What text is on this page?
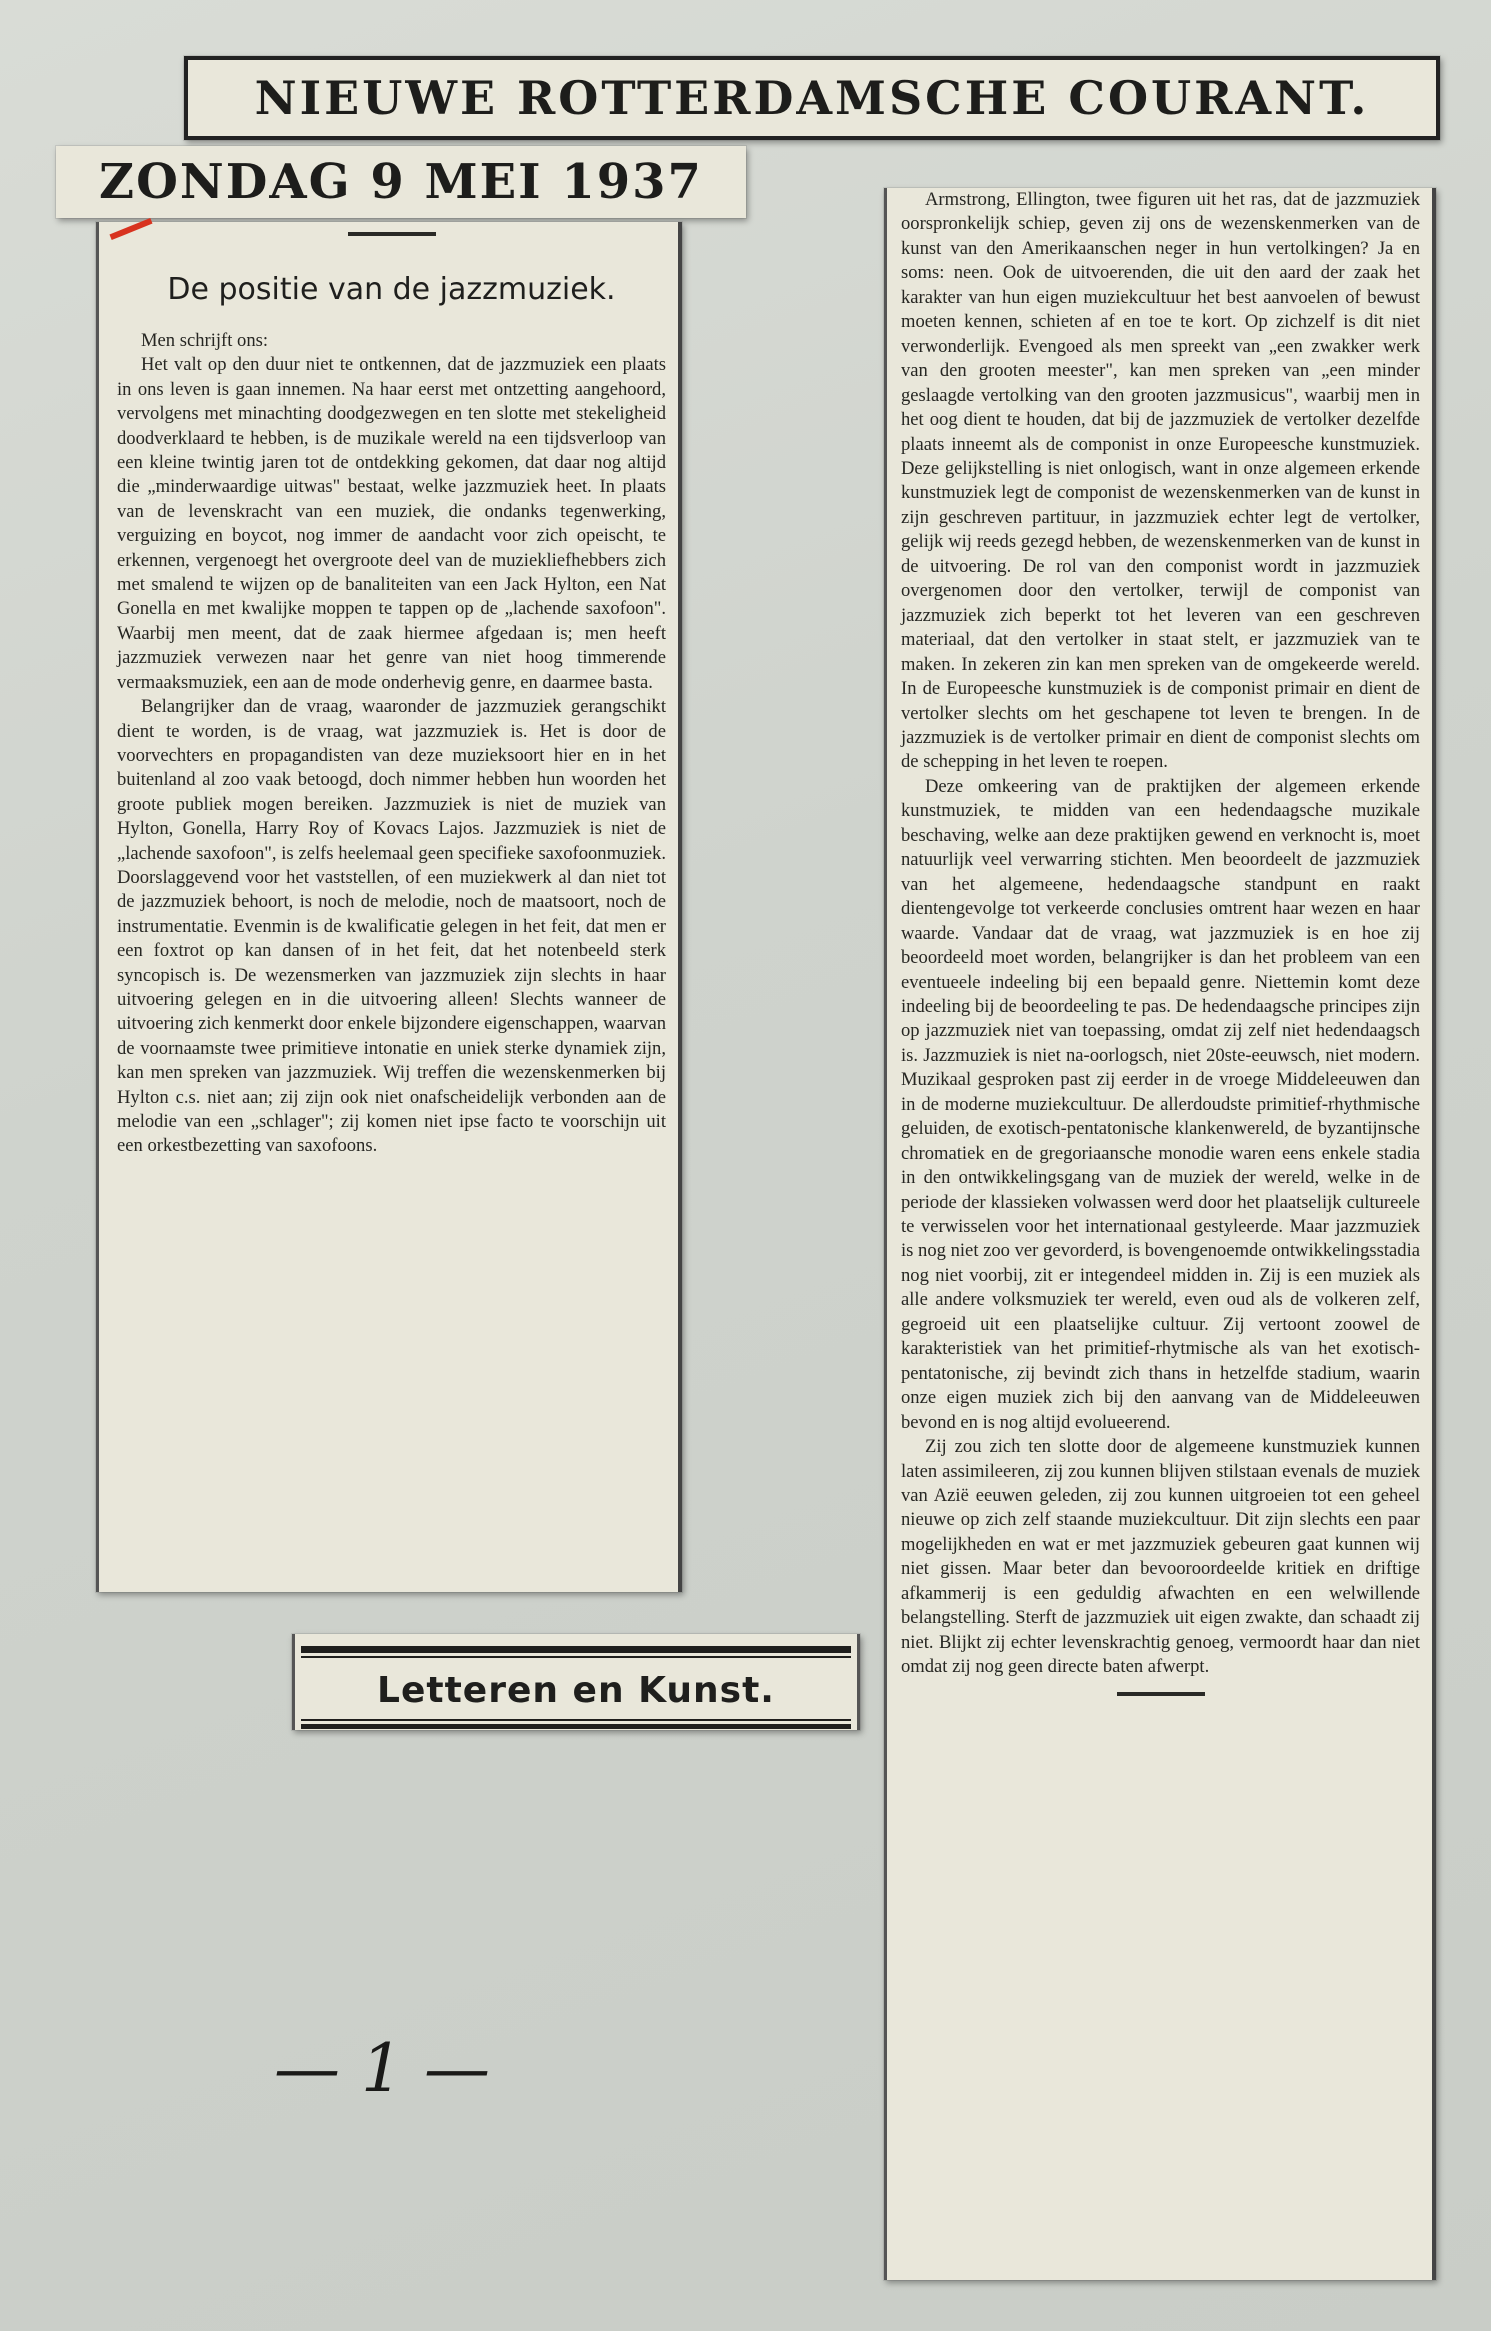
NIEUWE ROTTERDAMSCHE COURANT.
ZONDAG 9 MEI 1937
De positie van de jazzmuziek.

Men schrijft ons:

Het valt op den duur niet te ontkennen, dat de jazzmuziek een plaats in ons leven is gaan innemen. Na haar eerst met ontzetting aangehoord, vervolgens met minachting doodgezwegen en ten slotte met stekeligheid doodverklaard te hebben, is de muzikale wereld na een tijdsverloop van een kleine twintig jaren tot de ontdekking gekomen, dat daar nog altijd die „minderwaardige uitwas" bestaat, welke jazzmuziek heet. In plaats van de levenskracht van een muziek, die ondanks tegenwerking, verguizing en boycot, nog immer de aandacht voor zich opeischt, te erkennen, vergenoegt het overgroote deel van de muziekliefhebbers zich met smalend te wijzen op de banaliteiten van een Jack Hylton, een Nat Gonella en met kwalijke moppen te tappen op de „lachende saxofoon". Waarbij men meent, dat de zaak hiermee afgedaan is; men heeft jazzmuziek verwezen naar het genre van niet hoog timmerende vermaaksmuziek, een aan de mode onderhevig genre, en daarmee basta.

Belangrijker dan de vraag, waaronder de jazzmuziek gerangschikt dient te worden, is de vraag, wat jazzmuziek is. Het is door de voorvechters en propagandisten van deze muzieksoort hier en in het buitenland al zoo vaak betoogd, doch nimmer hebben hun woorden het groote publiek mogen bereiken. Jazzmuziek is niet de muziek van Hylton, Gonella, Harry Roy of Kovacs Lajos. Jazzmuziek is niet de „lachende saxofoon", is zelfs heelemaal geen specifieke saxofoonmuziek. Doorslaggevend voor het vaststellen, of een muziekwerk al dan niet tot de jazzmuziek behoort, is noch de melodie, noch de maatsoort, noch de instrumentatie. Evenmin is de kwalificatie gelegen in het feit, dat men er een foxtrot op kan dansen of in het feit, dat het notenbeeld sterk syncopisch is. De wezensmerken van jazzmuziek zijn slechts in haar uitvoering gelegen en in die uitvoering alleen! Slechts wanneer de uitvoering zich kenmerkt door enkele bijzondere eigenschappen, waarvan de voornaamste twee primitieve intonatie en uniek sterke dynamiek zijn, kan men spreken van jazzmuziek. Wij treffen die wezenskenmerken bij Hylton c.s. niet aan; zij zijn ook niet onafscheidelijk verbonden aan de melodie van een „schlager"; zij komen niet ipse facto te voorschijn uit een orkestbezetting van saxofoons.

Armstrong, Ellington, twee figuren uit het ras, dat de jazzmuziek oorspronkelijk schiep, geven zij ons de wezenskenmerken van de kunst van den Amerikaanschen neger in hun vertolkingen? Ja en soms: neen. Ook de uitvoerenden, die uit den aard der zaak het karakter van hun eigen muziekcultuur het best aanvoelen of bewust moeten kennen, schieten af en toe te kort. Op zichzelf is dit niet verwonderlijk. Evengoed als men spreekt van „een zwakker werk van den grooten meester", kan men spreken van „een minder geslaagde vertolking van den grooten jazzmusicus", waarbij men in het oog dient te houden, dat bij de jazzmuziek de vertolker dezelfde plaats inneemt als de componist in onze Europeesche kunstmuziek. Deze gelijkstelling is niet onlogisch, want in onze algemeen erkende kunstmuziek legt de componist de wezenskenmerken van de kunst in zijn geschreven partituur, in jazzmuziek echter legt de vertolker, gelijk wij reeds gezegd hebben, de wezenskenmerken van de kunst in de uitvoering. De rol van den componist wordt in jazzmuziek overgenomen door den vertolker, terwijl de componist van jazzmuziek zich beperkt tot het leveren van een geschreven materiaal, dat den vertolker in staat stelt, er jazzmuziek van te maken. In zekeren zin kan men spreken van de omgekeerde wereld. In de Europeesche kunstmuziek is de componist primair en dient de vertolker slechts om het geschapene tot leven te brengen. In de jazzmuziek is de vertolker primair en dient de componist slechts om de schepping in het leven te roepen.

Deze omkeering van de praktijken der algemeen erkende kunstmuziek, te midden van een hedendaagsche muzikale beschaving, welke aan deze praktijken gewend en verknocht is, moet natuurlijk veel verwarring stichten. Men beoordeelt de jazzmuziek van het algemeene, hedendaagsche standpunt en raakt dientengevolge tot verkeerde conclusies omtrent haar wezen en haar waarde. Vandaar dat de vraag, wat jazzmuziek is en hoe zij beoordeeld moet worden, belangrijker is dan het probleem van een eventueele indeeling bij een bepaald genre. Niettemin komt deze indeeling bij de beoordeeling te pas. De hedendaagsche principes zijn op jazzmuziek niet van toepassing, omdat zij zelf niet hedendaagsch is. Jazzmuziek is niet na-oorlogsch, niet 20ste-eeuwsch, niet modern. Muzikaal gesproken past zij eerder in de vroege Middeleeuwen dan in de moderne muziekcultuur. De allerdoudste primitief-rhythmische geluiden, de exotisch-pentatonische klankenwereld, de byzantijnsche chromatiek en de gregoriaansche monodie waren eens enkele stadia in den ontwikkelingsgang van de muziek der wereld, welke in de periode der klassieken volwassen werd door het plaatselijk cultureele te verwisselen voor het internationaal gestyleerde. Maar jazzmuziek is nog niet zoo ver gevorderd, is bovengenoemde ontwikkelingsstadia nog niet voorbij, zit er integendeel midden in. Zij is een muziek als alle andere volksmuziek ter wereld, even oud als de volkeren zelf, gegroeid uit een plaatselijke cultuur. Zij vertoont zoowel de karakteristiek van het primitief-rhytmische als van het exotisch-pentatonische, zij bevindt zich thans in hetzelfde stadium, waarin onze eigen muziek zich bij den aanvang van de Middeleeuwen bevond en is nog altijd evolueerend.

Zij zou zich ten slotte door de algemeene kunstmuziek kunnen laten assimileeren, zij zou kunnen blijven stilstaan evenals de muziek van Azië eeuwen geleden, zij zou kunnen uitgroeien tot een geheel nieuwe op zich zelf staande muziekcultuur. Dit zijn slechts een paar mogelijkheden en wat er met jazzmuziek gebeuren gaat kunnen wij niet gissen. Maar beter dan bevooroordeelde kritiek en driftige afkammerij is een geduldig afwachten en een welwillende belangstelling. Sterft de jazzmuziek uit eigen zwakte, dan schaadt zij niet. Blijkt zij echter levenskrachtig genoeg, vermoordt haar dan niet omdat zij nog geen directe baten afwerpt.

Letteren en Kunst.
— 1 —
